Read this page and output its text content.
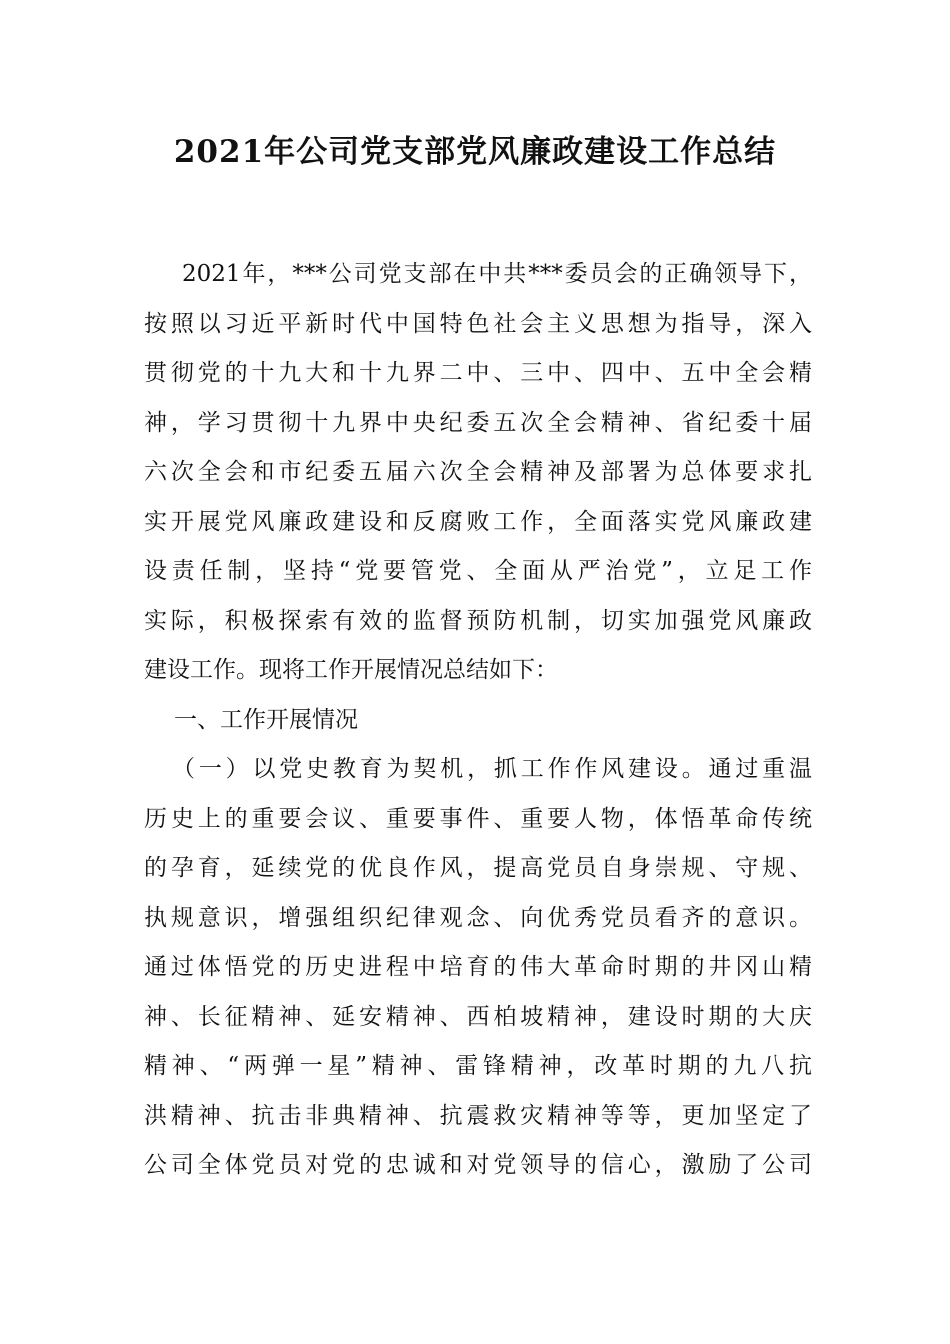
2021年公司党支部党风廉政建设工作总结
2021年，***公司党支部在中共***委员会的正确领导下，
按照以习近平新时代中国特色社会主义思想为指导，深入
贯彻党的十九大和十九界二中、三中、四中、五中全会精
神，学习贯彻十九界中央纪委五次全会精神、省纪委十届
六次全会和市纪委五届六次全会精神及部署为总体要求扎
实开展党风廉政建设和反腐败工作，全面落实党风廉政建
设责任制，坚持“党要管党、全面从严治党”，立足工作
实际，积极探索有效的监督预防机制，切实加强党风廉政
建设工作。现将工作开展情况总结如下：
一、工作开展情况
（一）以党史教育为契机，抓工作作风建设。通过重温
历史上的重要会议、重要事件、重要人物，体悟革命传统
的孕育，延续党的优良作风，提高党员自身崇规、守规、
执规意识，增强组织纪律观念、向优秀党员看齐的意识。
通过体悟党的历史进程中培育的伟大革命时期的井冈山精
神、长征精神、延安精神、西柏坡精神，建设时期的大庆
精神、“两弹一星”精神、雷锋精神，改革时期的九八抗
洪精神、抗击非典精神、抗震救灾精神等等，更加坚定了
公司全体党员对党的忠诚和对党领导的信心，激励了公司
